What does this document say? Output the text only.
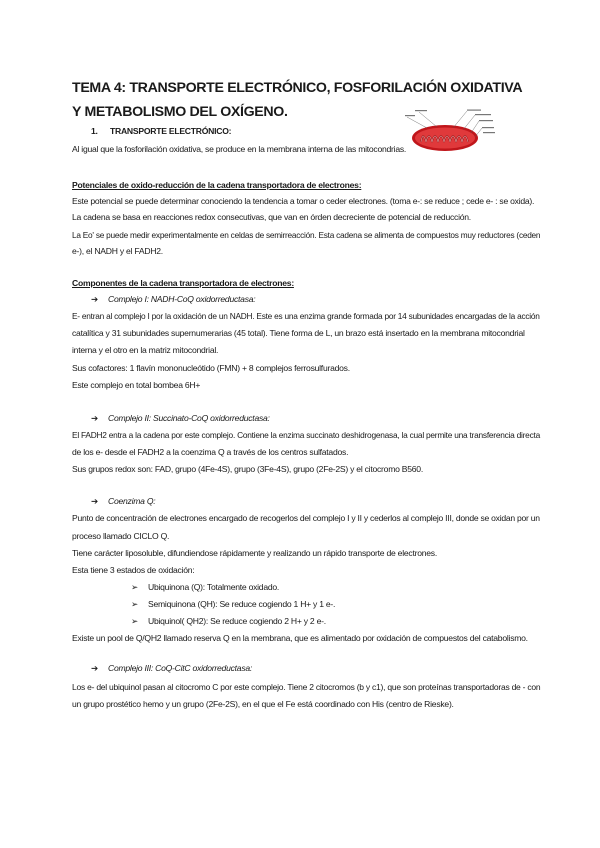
TEMA 4: TRANSPORTE ELECTRÓNICO, FOSFORILACIÓN OXIDATIVA Y METABOLISMO DEL OXÍGENO.
1. TRANSPORTE ELECTRÓNICO:
Al igual que la fosforilación oxidativa, se produce en la membrana interna de las mitocondrias.
Potenciales de oxido-reducción de la cadena transportadora de electrones:
Este potencial se puede determinar conociendo la tendencia a tomar o ceder electrones. (toma e-: se reduce ; cede e- : se oxida).
La cadena se basa en reacciones redox consecutivas, que van en órden decreciente de potencial de reducción.
La Eo' se puede medir experimentalmente en celdas de semirreacción. Esta cadena se alimenta de compuestos muy reductores (ceden
e-), el NADH y el FADH2.
Componentes de la cadena transportadora de electrones:
➔ Complejo I: NADH-CoQ oxidorreductasa:
E- entran al complejo I por la oxidación de un NADH. Este es una enzima grande formada por 14 subunidades encargadas de la acción
catalítica y 31 subunidades supernumerarias (45 total). Tiene forma de L, un brazo está insertado en la membrana mitocondrial
interna y el otro en la matriz mitocondrial.
Sus cofactores: 1 flavín mononucleótido (FMN) + 8 complejos ferrosulfurados.
Este complejo en total bombea 6H+
➔ Complejo II: Succinato-CoQ oxidorreductasa:
El FADH2 entra a la cadena por este complejo. Contiene la enzima succinato deshidrogenasa, la cual permite una transferencia directa
de los e- desde el FADH2 a la coenzima Q a través de los centros sulfatados.
Sus grupos redox son: FAD, grupo (4Fe-4S), grupo (3Fe-4S), grupo (2Fe-2S) y el citocromo B560.
➔ Coenzima Q:
Punto de concentración de electrones encargado de recogerlos del complejo I y II y cederlos al complejo III, donde se oxidan por un
proceso llamado CICLO Q.
Tiene carácter liposoluble, difundiendose rápidamente y realizando un rápido transporte de electrones.
Esta tiene 3 estados de oxidación:
➢ Ubiquinona (Q): Totalmente oxidado.
➢ Semiquinona (QH): Se reduce cogiendo 1 H+ y 1 e-.
➢ Ubiquinol( QH2): Se reduce cogiendo 2 H+ y 2 e-.
Existe un pool de Q/QH2 llamado reserva Q en la membrana, que es alimentado por oxidación de compuestos del catabolismo.
➔ Complejo III: CoQ-CitC oxidorreductasa:
Los e- del ubiquinol pasan al citocromo C por este complejo. Tiene 2 citocromos (b y c1), que son proteínas transportadoras de - con
un grupo prostético hemo y un grupo (2Fe-2S), en el que el Fe está coordinado con His (centro de Rieske).
